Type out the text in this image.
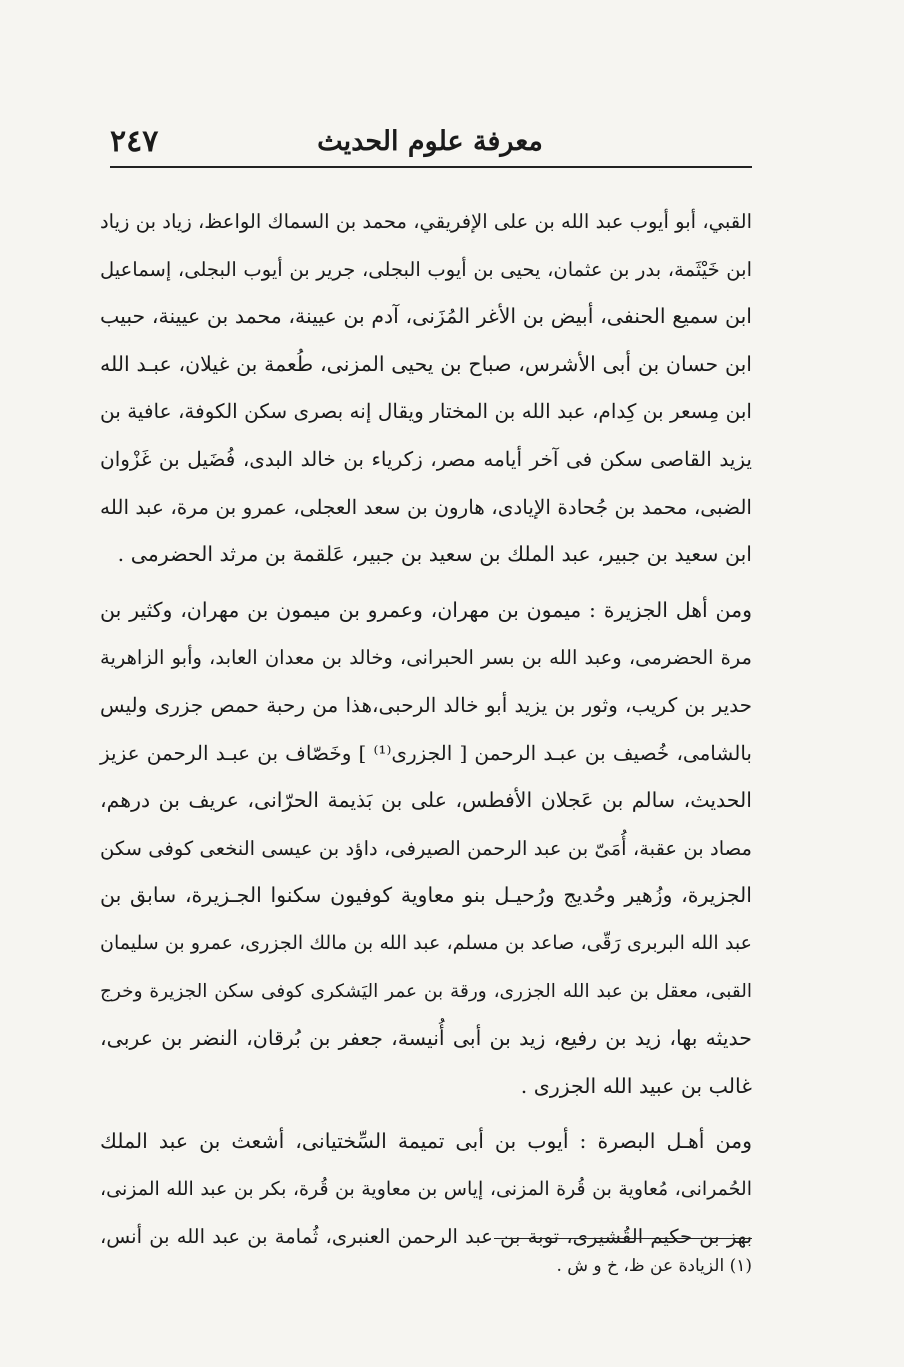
معرفة علوم الحديث
٢٤٧
القبي، أبو أيوب عبد الله بن على الإفريقي، محمد بن السماك الواعظ، زياد بن زياد
ابن خَيْثَمة، بدر بن عثمان، يحيى بن أيوب البجلى، جرير بن أيوب البجلى، إسماعيل
ابن سميع الحنفى، أبيض بن الأغر المُزَنى، آدم بن عيينة، محمد بن عيينة، حبيب
ابن حسان بن أبى الأشرس، صباح بن يحيى المزنى، طُعمة بن غيلان، عبـد الله
ابن مِسعر بن كِدام، عبد الله بن المختار ويقال إنه بصرى سكن الكوفة، عافية بن
يزيد القاصى سكن فى آخر أيامه مصر، زكرياء بن خالد البدى، فُضَيل بن غَزْوان
الضبى، محمد بن جُحادة الإيادى، هارون بن سعد العجلى، عمرو بن مرة، عبد الله
ابن سعيد بن جبير، عبد الملك بن سعيد بن جبير، عَلقمة بن مرثد الحضرمى .
ومن أهل الجزيرة : ميمون بن مهران، وعمرو بن ميمون بن مهران، وكثير بن
مرة الحضرمى، وعبد الله بن بسر الحبرانى، وخالد بن معدان العابد، وأبو الزاهرية
حدير بن كريب، وثور بن يزيد أبو خالد الرحبى،هذا من رحبة حمص جزرى وليس
بالشامى، خُصيف بن عبـد الرحمن [ الجزرى⁽¹⁾ ] وخَصّاف بن عبـد الرحمن عزيز
الحديث، سالم بن عَجلان الأفطس، على بن بَذيمة الحرّانى، عريف بن درهم،
مصاد بن عقبة، أُمَىّ بن عبد الرحمن الصيرفى، داؤد بن عيسى النخعى كوفى سكن
الجزيرة، وزُهير وحُديج ورُحيـل بنو معاوية كوفيون سكنوا الجـزيرة، سابق بن
عبد الله البربرى رَقّى، صاعد بن مسلم، عبد الله بن مالك الجزرى، عمرو بن سليمان
القبى، معقل بن عبد الله الجزرى، ورقة بن عمر اليَشكرى كوفى سكن الجزيرة وخرج
حديثه بها، زيد بن رفيع، زيد بن أبى أُنيسة، جعفر بن بُرقان، النضر بن عربى،
غالب بن عبيد الله الجزرى .
ومن أهـل البصرة : أيوب بن أبى تميمة السِّختيانى، أشعث بن عبد الملك
الحُمرانى، مُعاوية بن قُرة المزنى، إياس بن معاوية بن قُرة، بكر بن عبد الله المزنى،
بهز بن حكيم القُشيرى، توبة بن عبد الرحمن العنبرى، ثُمامة بن عبد الله بن أنس،
(١) الزيادة عن ظ، خ و ش .
